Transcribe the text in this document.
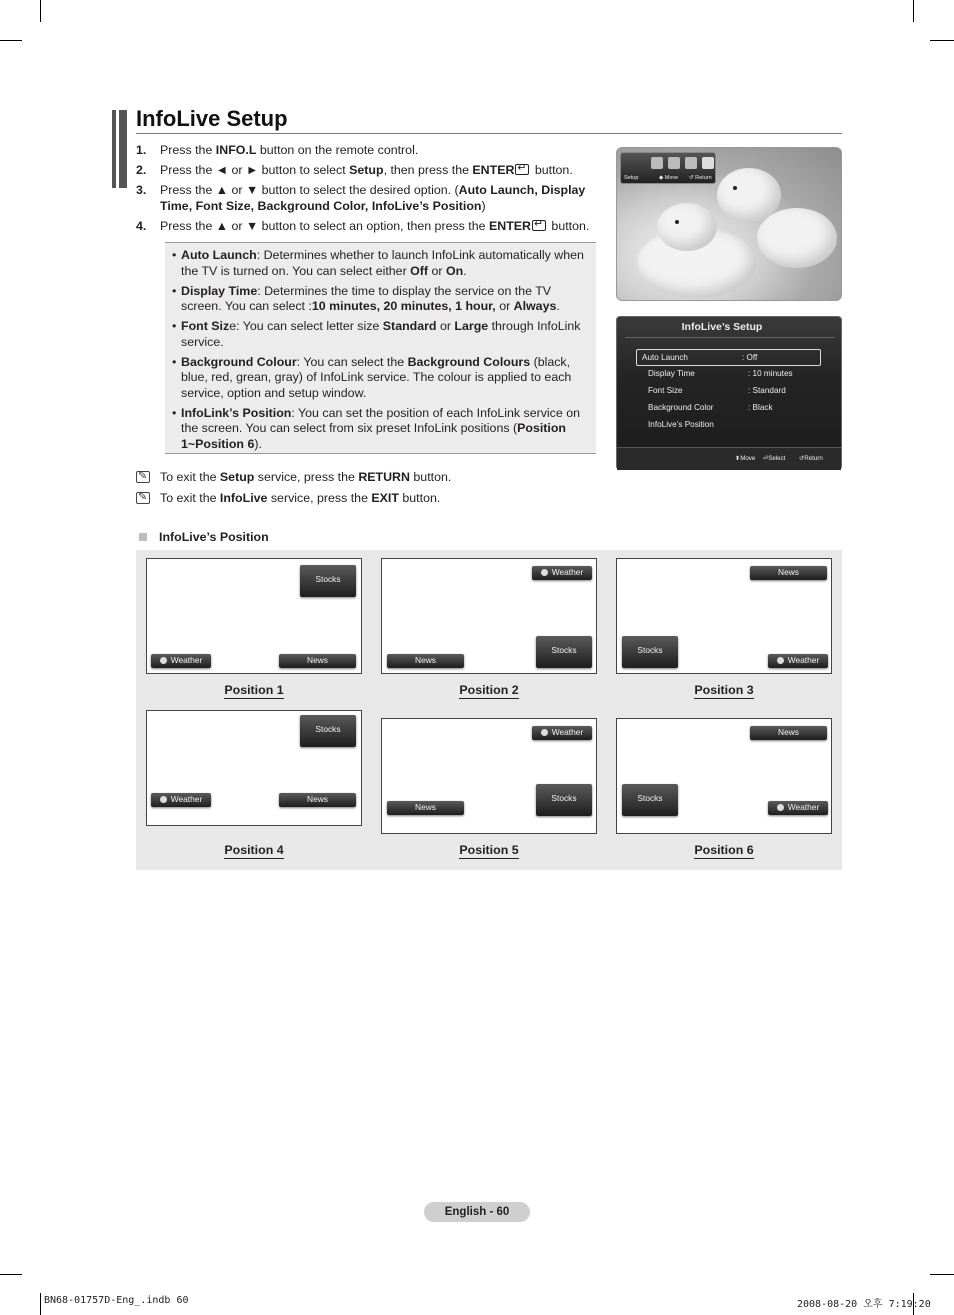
InfoLive Setup
1.	Press the INFO.L button on the remote control.
2.	Press the ◄ or ► button to select Setup, then press the ENTER↵ button.
3.	Press the ▲ or ▼ button to select the desired option. (Auto Launch, Display Time, Font Size, Background Color, InfoLive’s Position)
4.	Press the ▲ or ▼ button to select an option, then press the ENTER↵ button.
• Auto Launch: Determines whether to launch InfoLink automatically when the TV is turned on. You can select either Off or On.
• Display Time: Determines the time to display the service on the TV screen. You can select :10 minutes, 20 minutes, 1 hour, or Always.
• Font Size: You can select letter size Standard or Large through InfoLink service.
• Background Colour: You can select the Background Colours (black, blue, red, grean, gray) of InfoLink service. The colour is applied to each service, option and setup window.
• InfoLink’s Position: You can set the position of each InfoLink service on the screen. You can select from six preset InfoLink positions (Position 1~Position 6).
✎
To exit the Setup service, press the RETURN button.
✎
To exit the InfoLive service, press the EXIT button.
Setup	◆ Move ↺ Return
InfoLive’s Setup
Auto Launch	: Off
Display Time	: 10 minutes
Font Size	: Standard
Background Color	: Black
InfoLive’s Position
⬍Move ⏎Select ↺Return
InfoLive’s Position
Stocks
Weather	News
Position 1
Weather
Stocks
News
Position 2
News
Stocks
Weather
Position 3
Stocks
Weather	News
Position 4
Weather
Stocks
News
Position 5
News
Stocks
Weather
Position 6
English - 60
BN68-01757D-Eng_.indb 60	2008-08-20 오후 7:19:20
